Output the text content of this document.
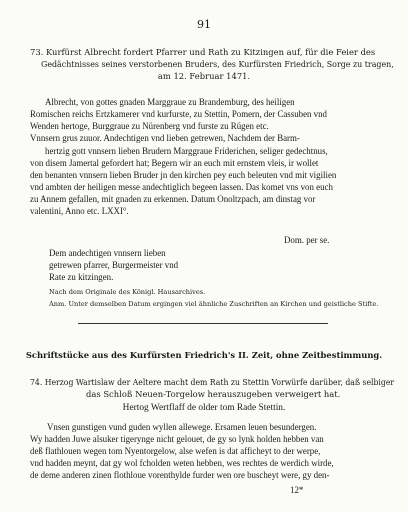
91
73. Kurfürst Albrecht fordert Pfarrer und Rath zu Kitzingen auf, für die Feier des
Gedächtnisses seines verstorbenen Bruders, des Kurfürsten Friedrich, Sorge zu tragen,
am 12. Februar 1471.
Albrecht, von gottes gnaden Marggraue zu Brandemburg, des heiligen
Romischen reichs Ertzkamerer vnd kurfurste, zu Stettin, Pomern, der Cassuben vnd
Wenden hertoge, Burggraue zu Nürenberg vnd furste zu Rügen etc.
Vnnsern grus zuuor. Andechtigen vnd lieben getrewen, Nachdem der Barm-
hertzig gott vnnsern lieben Brudern Marggraue Friderichen, seliger gedechtnus,
von disem Jamertal gefordert hat; Begern wir an euch mit ernstem vleis, ir wollet
den benanten vnnsern lieben Bruder jn den kirchen pey euch beleuten vnd mit vigilien
vnd ambten der heiligen messe andechtiglich begeen lassen. Das komet vns von euch
zu Annem gefallen, mit gnaden zu erkennen. Datum Onoltzpach, am dinstag vor
valentini, Anno etc. LXXI°.
Dom. per se.
Dem andechtigen vnnsern lieben
getrewen pfarrer, Burgermeister vnd
Rate zu kitzingen.
Nach dem Originale des Königl. Hausarchives.
Anm. Unter demselben Datum ergingen viel ähnliche Zuschriften an Kirchen und geistliche Stifte.
Schriftstücke aus des Kurfürsten Friedrich's II. Zeit, ohne Zeitbestimmung.
74. Herzog Wartislaw der Aeltere macht dem Rath zu Stettin Vorwürfe darüber, daß selbiger
das Schloß Neuen-Torgelow herauszugeben verweigert hat.
Hertog Wertflaff de older tom Rade Stettin.
Vnsen gunstigen vund guden wyllen allewege. Ersamen leuen besundergen.
Wy hadden Juwe alsuker tigeryngе nicht gelouet, de gy so lynk holden hebben van
deß flathlouen wegen tom Nyentorgelow, alse wefen is dat afficheyt to der werpe,
vnd hadden meynt, dat gy wol fcholden weten hebben, wes rechtes de werdich wirde,
de deme anderen zinen flothloue vorenthylde furder wen ore buscheyt were, gy den-
12*
